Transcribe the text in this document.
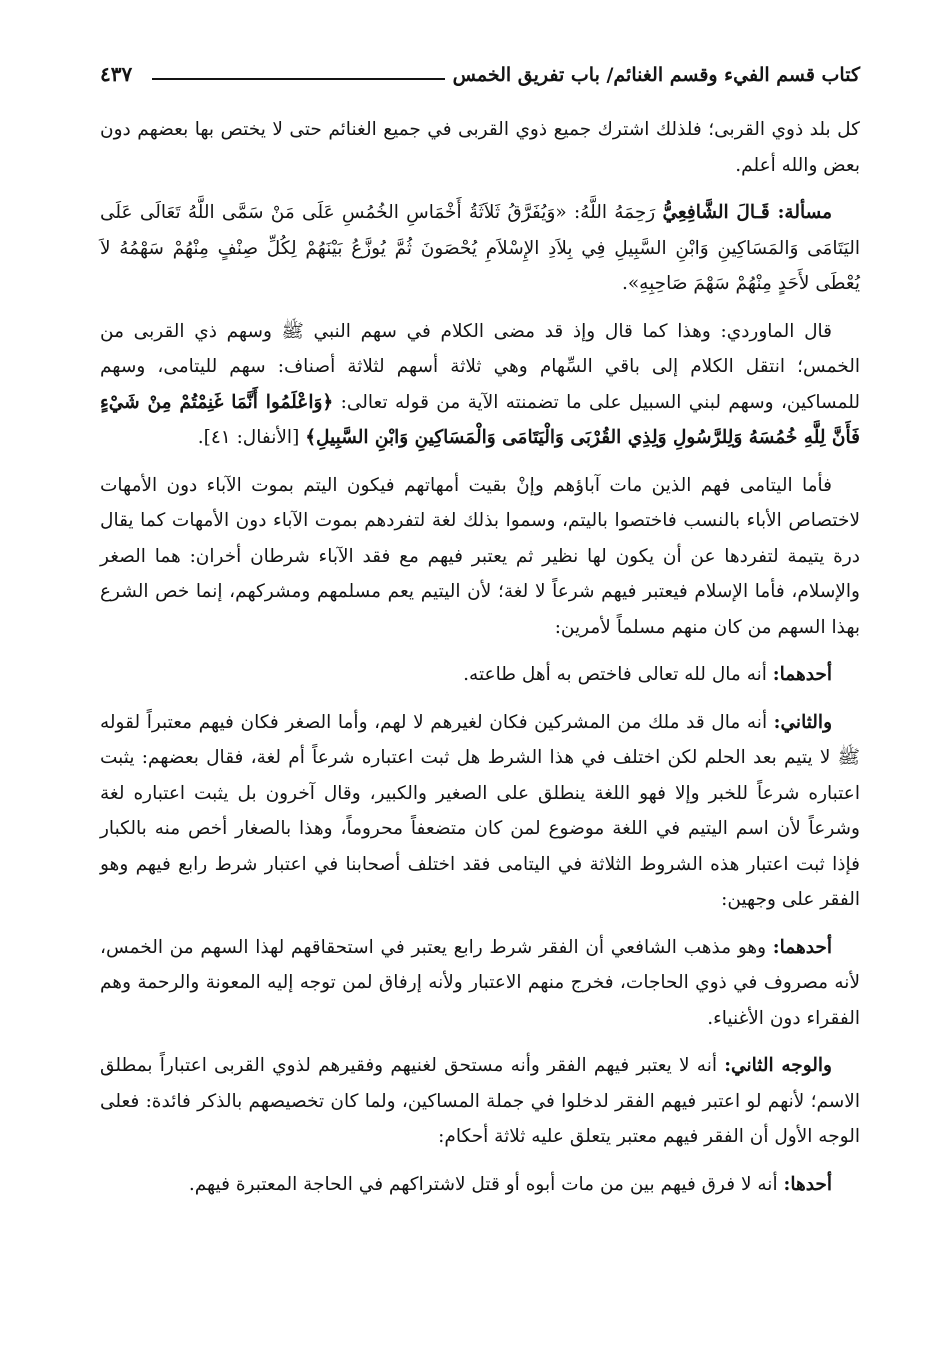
كتاب قسم الفيء وقسم الغنائم/ باب تفريق الخمس
٤٣٧

كل بلد ذوي القربى؛ فلذلك اشترك جميع ذوي القربى في جميع الغنائم حتى لا يختص بها بعضهم دون بعض والله أعلم.

مسألة: قَـالَ الشَّافِعِيُّ رَحِمَهُ اللَّهُ: «وَيُفَرَّقُ ثَلاَثَةُ أَخْمَاسِ الخُمُسِ عَلَى مَنْ سَمَّى اللَّهُ تَعَالَى عَلَى اليَتَامَى وَالمَسَاكِينِ وَابْنِ السَّبِيلِ فِي بِلاَدِ الإِسْلاَمِ يُحْصَونَ ثُمَّ يُوزَّعُ بَيْنَهُمْ لِكُلِّ صِنْفٍ مِنْهُمْ سَهْمُهُ لاَ يُعْطَى لأَحَدٍ مِنْهُمْ سَهْمَ صَاحِبِهِ».

قال الماوردي: وهذا كما قال وإذ قد مضى الكلام في سهم النبي ﷺ وسهم ذي القربى من الخمس؛ انتقل الكلام إلى باقي السِّهام وهي ثلاثة أسهم لثلاثة أصناف: سهم لليتامى، وسهم للمساكين، وسهم لبني السبيل على ما تضمنته الآية من قوله تعالى: ﴿وَاعْلَمُوا أَنَّمَا غَنِمْتُمْ مِنْ شَيْءٍ فَأَنَّ لِلَّهِ خُمُسَهُ وَلِلرَّسُولِ وَلِذِي القُرْبَى وَالْيَتَامَى وَالْمَسَاكِينِ وَابْنِ السَّبِيلِ﴾ [الأنفال: ٤١].

فأما اليتامى فهم الذين مات آباؤهم وإنْ بقيت أمهاتهم فيكون اليتم بموت الآباء دون الأمهات لاختصاص الأباء بالنسب فاختصوا باليتم، وسموا بذلك لغة لتفردهم بموت الآباء دون الأمهات كما يقال درة يتيمة لتفردها عن أن يكون لها نظير ثم يعتبر فيهم مع فقد الآباء شرطان أخران: هما الصغر والإسلام، فأما الإسلام فيعتبر فيهم شرعاً لا لغة؛ لأن اليتيم يعم مسلمهم ومشركهم، إنما خص الشرع بهذا السهم من كان منهم مسلماً لأمرين:

أحدهما: أنه مال لله تعالى فاختص به أهل طاعته.

والثاني: أنه مال قد ملك من المشركين فكان لغيرهم لا لهم، وأما الصغر فكان فيهم معتبراً لقوله ﷺ لا يتيم بعد الحلم لكن اختلف في هذا الشرط هل ثبت اعتباره شرعاً أم لغة، فقال بعضهم: يثبت اعتباره شرعاً للخبر وإلا فهو اللغة ينطلق على الصغير والكبير، وقال آخرون بل يثبت اعتباره لغة وشرعاً لأن اسم اليتيم في اللغة موضوع لمن كان متضعفاً محروماً، وهذا بالصغار أخص منه بالكبار فإذا ثبت اعتبار هذه الشروط الثلاثة في اليتامى فقد اختلف أصحابنا في اعتبار شرط رابع فيهم وهو الفقر على وجهين:

أحدهما: وهو مذهب الشافعي أن الفقر شرط رابع يعتبر في استحقاقهم لهذا السهم من الخمس، لأنه مصروف في ذوي الحاجات، فخرج منهم الاعتبار ولأنه إرفاق لمن توجه إليه المعونة والرحمة وهم الفقراء دون الأغنياء.

والوجه الثاني: أنه لا يعتبر فيهم الفقر وأنه مستحق لغنيهم وفقيرهم لذوي القربى اعتباراً بمطلق الاسم؛ لأنهم لو اعتبر فيهم الفقر لدخلوا في جملة المساكين، ولما كان تخصيصهم بالذكر فائدة: فعلى الوجه الأول أن الفقر فيهم معتبر يتعلق عليه ثلاثة أحكام:

أحدها: أنه لا فرق فيهم بين من مات أبوه أو قتل لاشتراكهم في الحاجة المعتبرة فيهم.
